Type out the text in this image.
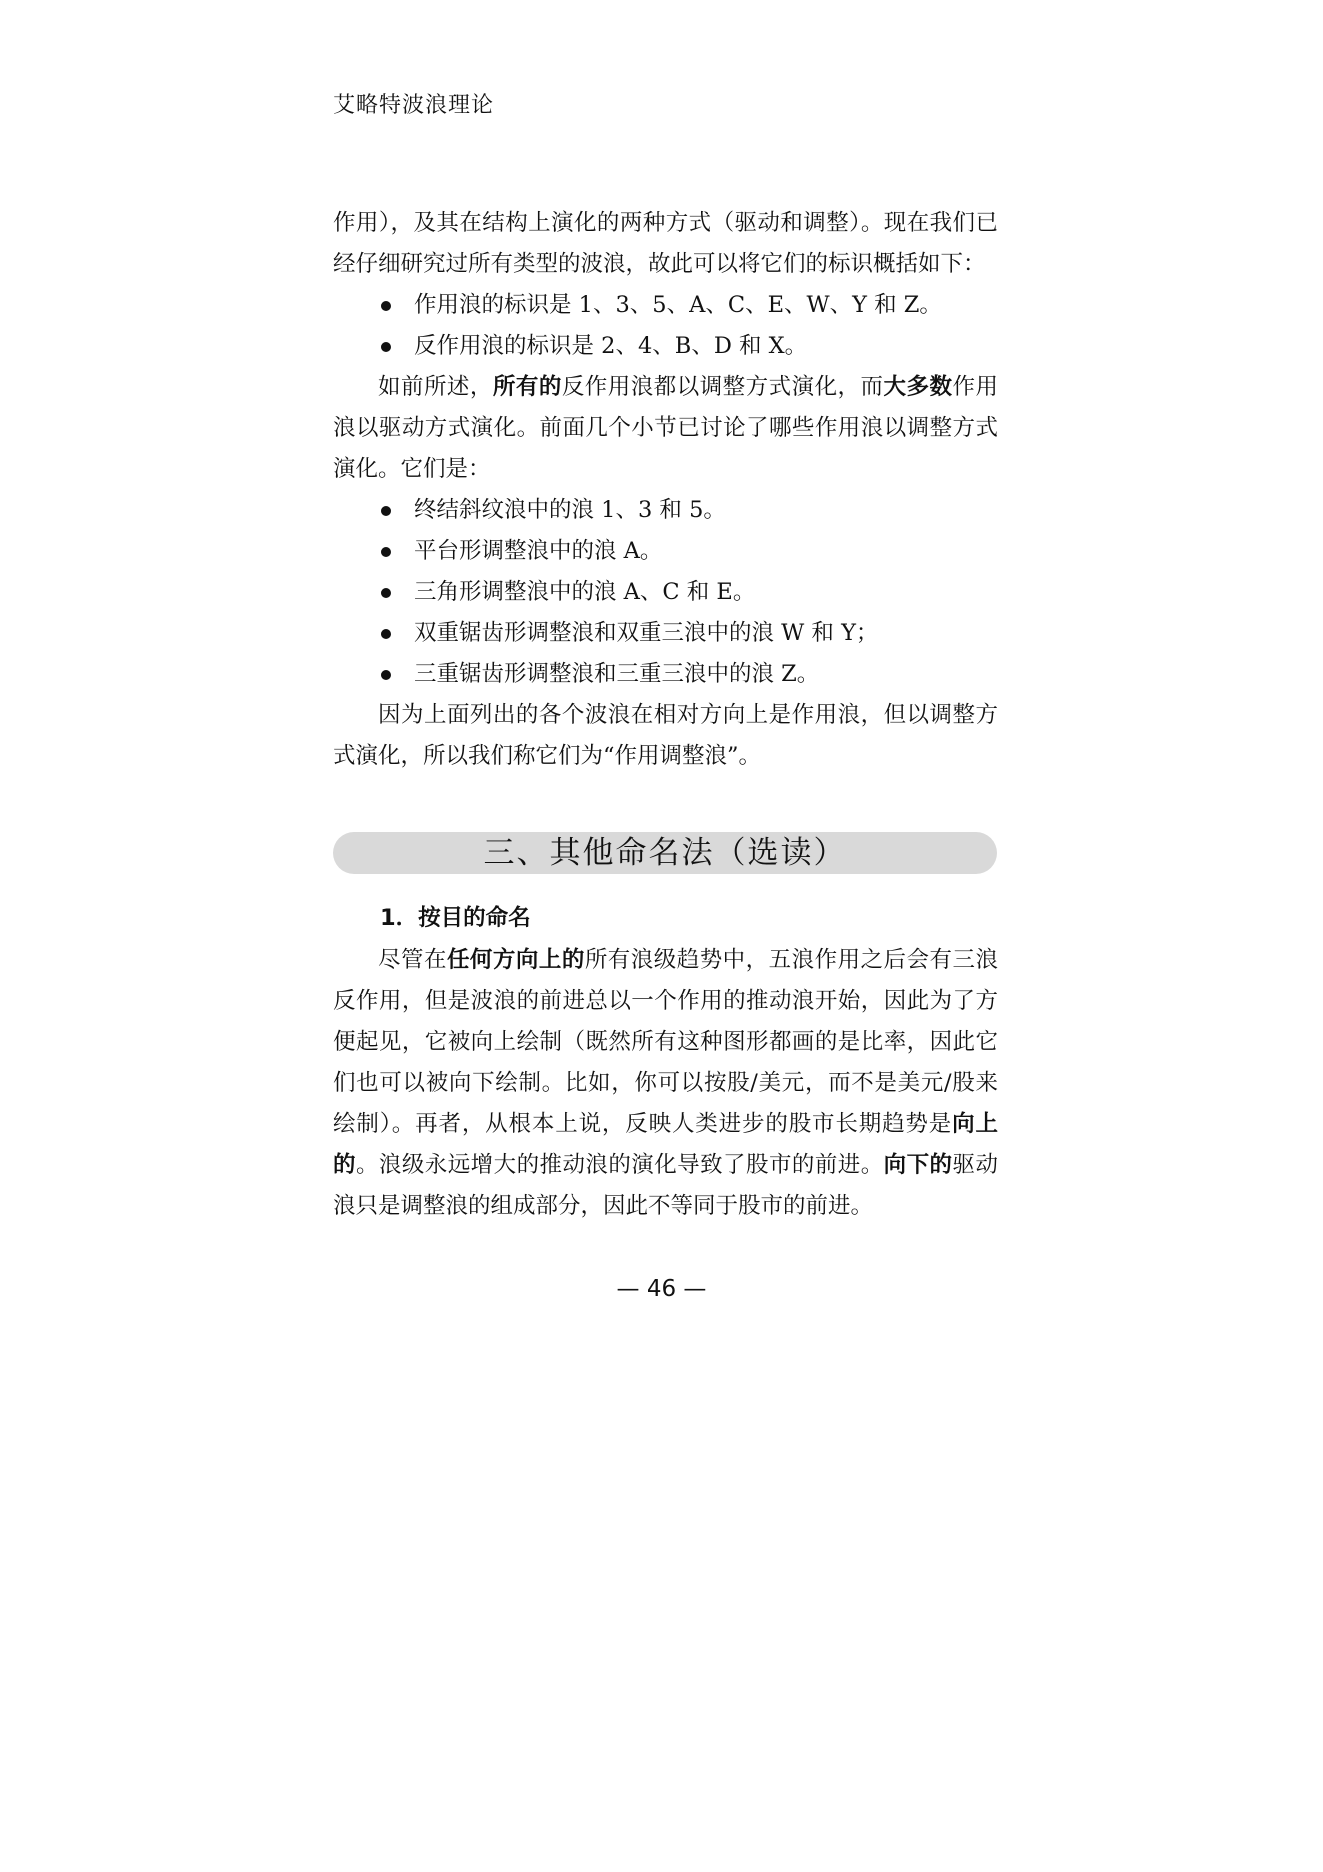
艾略特波浪理论

作用），及其在结构上演化的两种方式（驱动和调整）。现在我们已经仔细研究过所有类型的波浪，故此可以将它们的标识概括如下：

作用浪的标识是 1、3、5、A、C、E、W、Y 和 Z。
反作用浪的标识是 2、4、B、D 和 X。

如前所述，所有的反作用浪都以调整方式演化，而大多数作用浪以驱动方式演化。前面几个小节已讨论了哪些作用浪以调整方式演化。它们是：

终结斜纹浪中的浪 1、3 和 5。
平台形调整浪中的浪 A。
三角形调整浪中的浪 A、C 和 E。
双重锯齿形调整浪和双重三浪中的浪 W 和 Y；
三重锯齿形调整浪和三重三浪中的浪 Z。

因为上面列出的各个波浪在相对方向上是作用浪，但以调整方式演化，所以我们称它们为“作用调整浪”。

三、其他命名法（选读）
1．按目的命名

尽管在任何方向上的所有浪级趋势中，五浪作用之后会有三浪反作用，但是波浪的前进总以一个作用的推动浪开始，因此为了方便起见，它被向上绘制（既然所有这种图形都画的是比率，因此它们也可以被向下绘制。比如，你可以按股/美元，而不是美元/股来绘制）。再者，从根本上说，反映人类进步的股市长期趋势是向上的。浪级永远增大的推动浪的演化导致了股市的前进。向下的驱动浪只是调整浪的组成部分，因此不等同于股市的前进。

— 46 —
